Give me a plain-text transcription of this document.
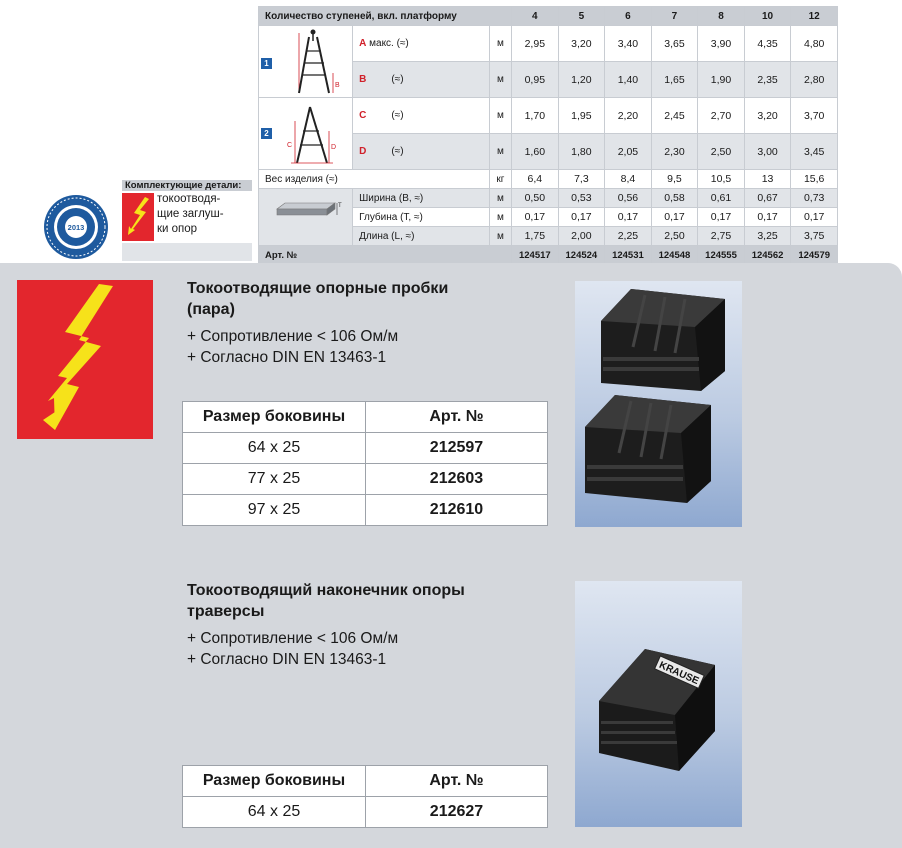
Количество ступеней, вкл. платформу			4	5	6	7	8	10	12

1
B	A макс. (≈)	м	2,95	3,20	3,40	3,65	3,90	4,35	4,80
	B (≈)	м	0,95	1,20	1,40	1,65	1,90	2,35	2,80

2
C D	C (≈)	м	1,70	1,95	2,20	2,45	2,70	3,20	3,70
	D (≈)	м	1,60	1,80	2,05	2,30	2,50	3,00	3,45
Вес изделия (≈)		кг	6,4	7,3	8,4	9,5	10,5	13	15,6

T	Ширина (B, ≈)	м	0,50	0,53	0,56	0,58	0,61	0,67	0,73
	Глубина (T, ≈)	м	0,17	0,17	0,17	0,17	0,17	0,17	0,17
	Длина (L, ≈)	м	1,75	2,00	2,25	2,50	2,75	3,25	3,75
Арт. №			124517	124524	124531	124548	124555	124562	124579
2013
Комплектующие детали:
токоотводя-
щие заглуш-
ки опор
Токоотводящие опорные пробки
(пара)
+ Сопротивление < 106 Ом/м
+ Согласно DIN EN 13463-1
Размер боковины	Арт. №
64 x 25	212597
77 x 25	212603
97 x 25	212610
Токоотводящий наконечник опоры
траверсы
+ Сопротивление < 106 Ом/м
+ Согласно DIN EN 13463-1
Размер боковины	Арт. №
64 x 25	212627
KRAUSE
